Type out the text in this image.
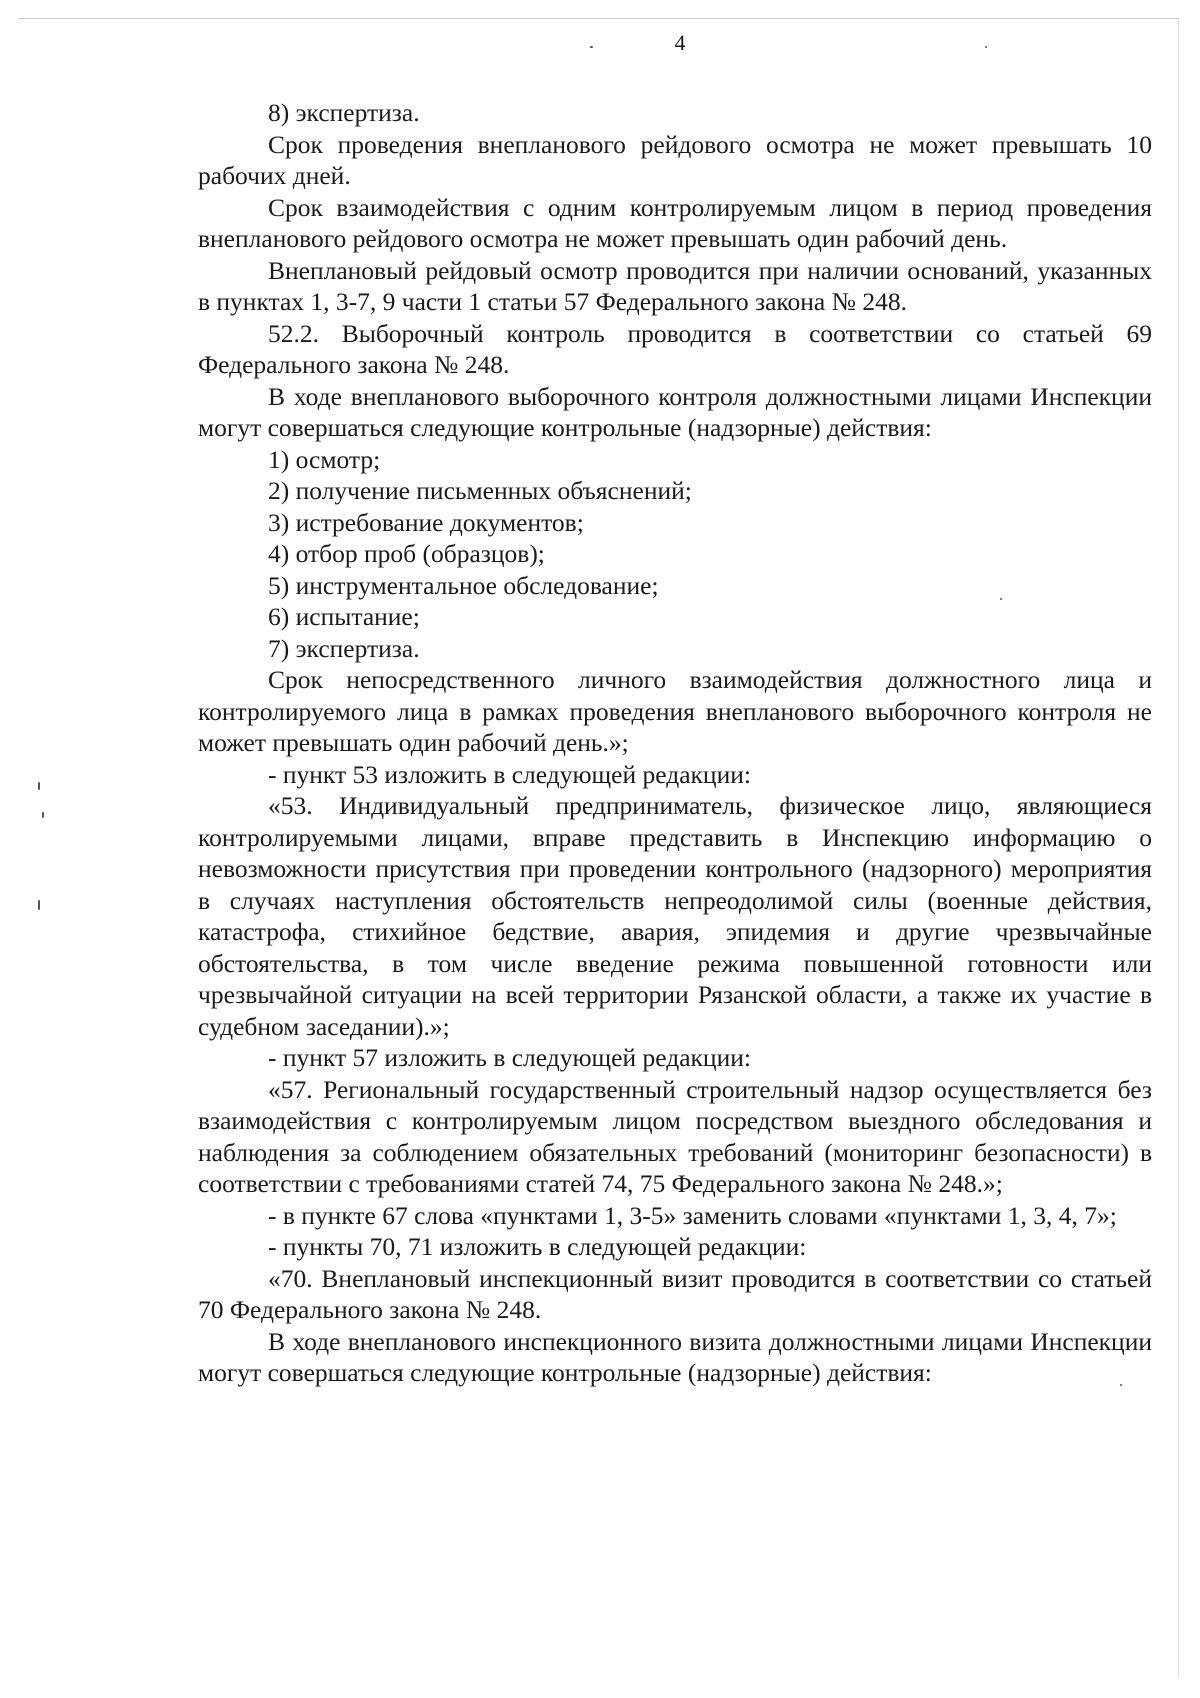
4

8) экспертиза.

Срок проведения внепланового рейдового осмотра не может превышать 10 рабочих дней.

Срок взаимодействия с одним контролируемым лицом в период проведения внепланового рейдового осмотра не может превышать один рабочий день.

Внеплановый рейдовый осмотр проводится при наличии оснований, указанных в пунктах 1, 3-7, 9 части 1 статьи 57 Федерального закона № 248.

52.2. Выборочный контроль проводится в соответствии со статьей 69 Федерального закона № 248.

В ходе внепланового выборочного контроля должностными лицами Инспекции могут совершаться следующие контрольные (надзорные) действия:

1) осмотр;

2) получение письменных объяснений;

3) истребование документов;

4) отбор проб (образцов);

5) инструментальное обследование;

6) испытание;

7) экспертиза.

Срок непосредственного личного взаимодействия должностного лица и контролируемого лица в рамках проведения внепланового выборочного контроля не может превышать один рабочий день.»;

- пункт 53 изложить в следующей редакции:

«53. Индивидуальный предприниматель, физическое лицо, являющиеся контролируемыми лицами, вправе представить в Инспекцию информацию о невозможности присутствия при проведении контрольного (надзорного) мероприятия в случаях наступления обстоятельств непреодолимой силы (военные действия, катастрофа, стихийное бедствие, авария, эпидемия и другие чрезвычайные обстоятельства, в том числе введение режима повышенной готовности или чрезвычайной ситуации на всей территории Рязанской области, а также их участие в судебном заседании).»;

- пункт 57 изложить в следующей редакции:

«57. Региональный государственный строительный надзор осуществляется без взаимодействия с контролируемым лицом посредством выездного обследования и наблюдения за соблюдением обязательных требований (мониторинг безопасности) в соответствии с требованиями статей 74, 75 Федерального закона № 248.»;

- в пункте 67 слова «пунктами 1, 3-5» заменить словами «пунктами 1, 3, 4, 7»;

- пункты 70, 71 изложить в следующей редакции:

«70. Внеплановый инспекционный визит проводится в соответствии со статьей 70 Федерального закона № 248.

В ходе внепланового инспекционного визита должностными лицами Инспекции могут совершаться следующие контрольные (надзорные) действия:
